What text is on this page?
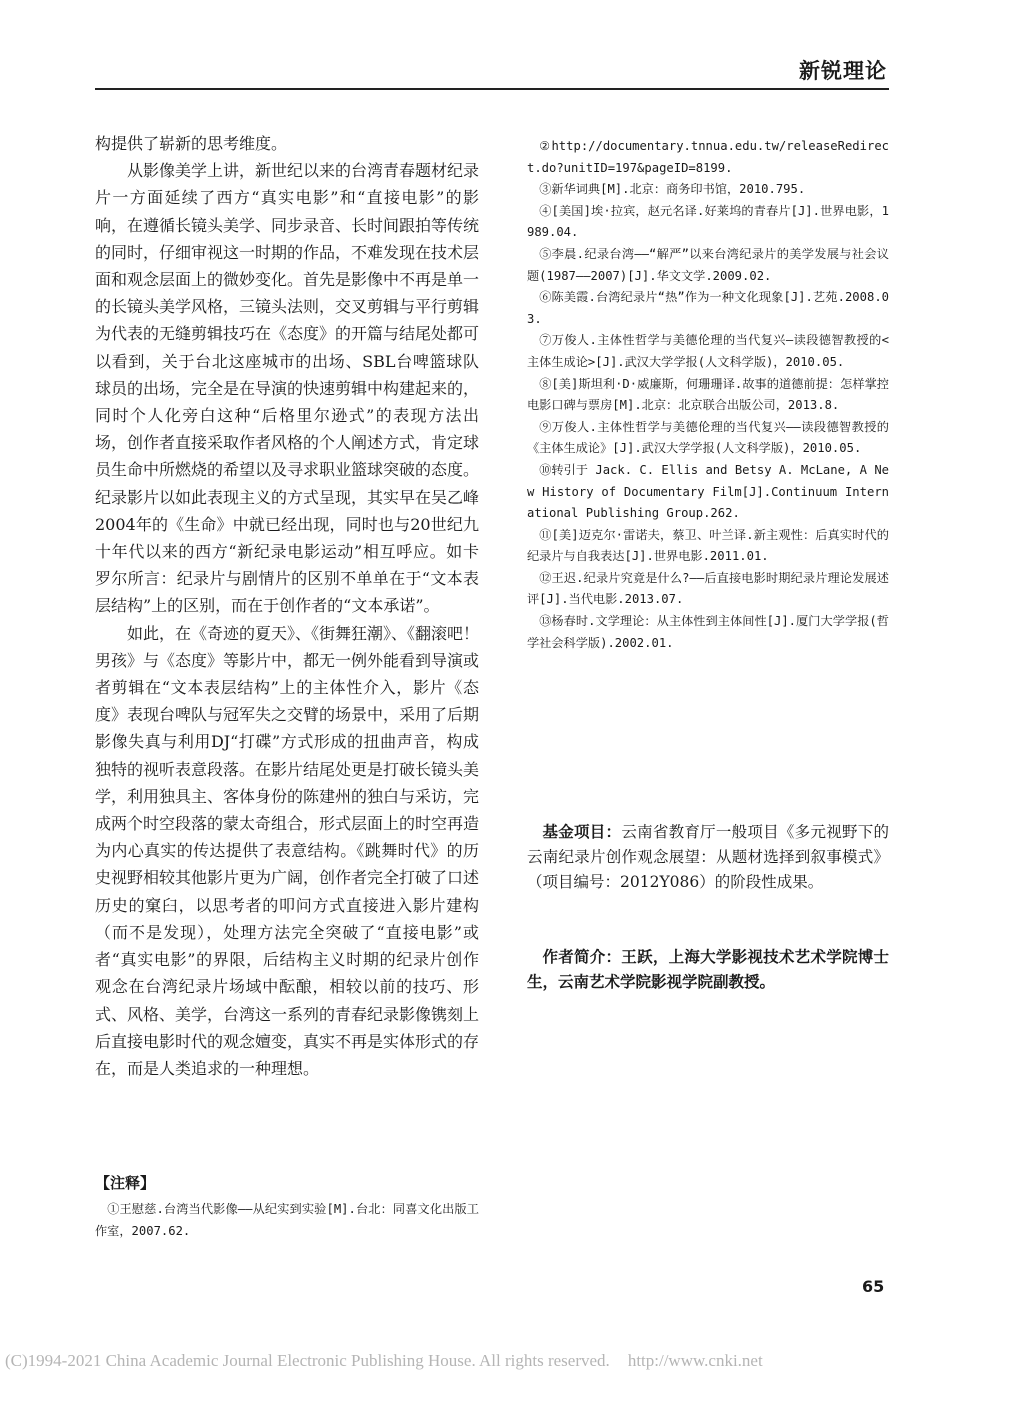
新锐理论

构提供了崭新的思考维度。

从影像美学上讲，新世纪以来的台湾青春题材纪录片一方面延续了西方“真实电影”和“直接电影”的影响，在遵循长镜头美学、同步录音、长时间跟拍等传统的同时，仔细审视这一时期的作品，不难发现在技术层面和观念层面上的微妙变化。首先是影像中不再是单一的长镜头美学风格，三镜头法则，交叉剪辑与平行剪辑为代表的无缝剪辑技巧在《态度》的开篇与结尾处都可以看到，关于台北这座城市的出场、SBL台啤篮球队球员的出场，完全是在导演的快速剪辑中构建起来的，同时个人化旁白这种“后格里尔逊式”的表现方法出场，创作者直接采取作者风格的个人阐述方式，肯定球员生命中所燃烧的希望以及寻求职业篮球突破的态度。纪录影片以如此表现主义的方式呈现，其实早在吴乙峰2004年的《生命》中就已经出现，同时也与20世纪九十年代以来的西方“新纪录电影运动”相互呼应。如卡罗尔所言：纪录片与剧情片的区别不单单在于“文本表层结构”上的区别，而在于创作者的“文本承诺”。

如此，在《奇迹的夏天》、《街舞狂潮》、《翻滚吧！男孩》与《态度》等影片中，都无一例外能看到导演或者剪辑在“文本表层结构”上的主体性介入，影片《态度》表现台啤队与冠军失之交臂的场景中，采用了后期影像失真与利用DJ“打碟”方式形成的扭曲声音，构成独特的视听表意段落。在影片结尾处更是打破长镜头美学，利用独具主、客体身份的陈建州的独白与采访，完成两个时空段落的蒙太奇组合，形式层面上的时空再造为内心真实的传达提供了表意结构。《跳舞时代》的历史视野相较其他影片更为广阔，创作者完全打破了口述历史的窠臼，以思考者的叩问方式直接进入影片建构（而不是发现），处理方法完全突破了“直接电影”或者“真实电影”的界限，后结构主义时期的纪录片创作观念在台湾纪录片场域中酝酿，相较以前的技巧、形式、风格、美学，台湾这一系列的青春纪录影像镌刻上后直接电影时代的观念嬗变，真实不再是实体形式的存在，而是人类追求的一种理想。

【注释】

①王慰慈.台湾当代影像——从纪实到实验[M].台北：同喜文化出版工作室，2007.62.

②http://documentary.tnnua.edu.tw/releaseRedirect.do?unitID=197&pageID=8199.

③新华词典[M].北京：商务印书馆，2010.795.

④[美国]埃·拉宾，赵元名译.好莱坞的青春片[J].世界电影，1989.04.

⑤李晨.纪录台湾——“解严”以来台湾纪录片的美学发展与社会议题(1987——2007)[J].华文文学.2009.02.

⑥陈美霞.台湾纪录片“热”作为一种文化现象[J].艺苑.2008.03.

⑦万俊人.主体性哲学与美德伦理的当代复兴—读段德智教授的<主体生成论>[J].武汉大学学报(人文科学版)，2010.05.

⑧[美]斯坦利·D·威廉斯，何珊珊译.故事的道德前提：怎样掌控电影口碑与票房[M].北京：北京联合出版公司，2013.8.

⑨万俊人.主体性哲学与美德伦理的当代复兴——读段德智教授的《主体生成论》[J].武汉大学学报(人文科学版)，2010.05.

⑩转引于 Jack. C. Ellis and Betsy A. McLane, A New History of Documentary Film[J].Continuum International Publishing Group.262.

⑪[美]迈克尔·雷诺夫，蔡卫、叶兰译.新主观性：后真实时代的纪录片与自我表达[J].世界电影.2011.01.

⑫王迟.纪录片究竟是什么?——后直接电影时期纪录片理论发展述评[J].当代电影.2013.07.

⑬杨春时.文学理论：从主体性到主体间性[J].厦门大学学报(哲学社会科学版).2002.01.

基金项目：云南省教育厅一般项目《多元视野下的云南纪录片创作观念展望：从题材选择到叙事模式》（项目编号：2012Y086）的阶段性成果。

作者简介：王跃，上海大学影视技术艺术学院博士生，云南艺术学院影视学院副教授。

65
(C)1994-2021 China Academic Journal Electronic Publishing House. All rights reserved. http://www.cnki.net
